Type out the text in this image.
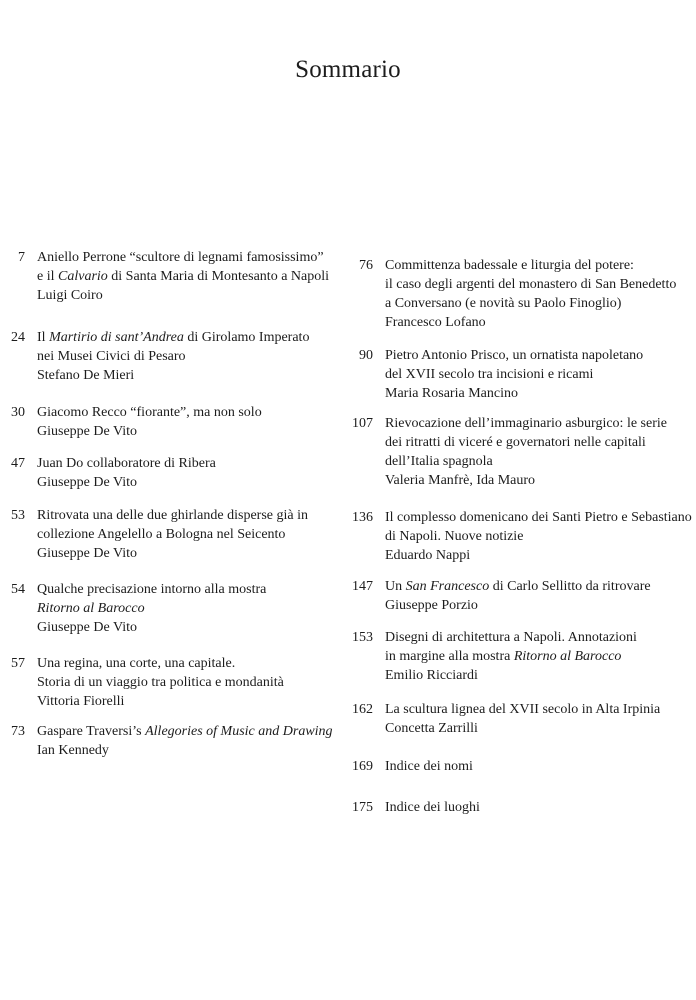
Sommario
7 Aniello Perrone “scultore di legnami famosissimo”
e il Calvario di Santa Maria di Montesanto a Napoli
Luigi Coiro
24 Il Martirio di sant’Andrea di Girolamo Imperato
nei Musei Civici di Pesaro
Stefano De Mieri
30 Giacomo Recco “fiorante”, ma non solo
Giuseppe De Vito
47 Juan Do collaboratore di Ribera
Giuseppe De Vito
53 Ritrovata una delle due ghirlande disperse già in
collezione Angelello a Bologna nel Seicento
Giuseppe De Vito
54 Qualche precisazione intorno alla mostra
Ritorno al Barocco
Giuseppe De Vito
57 Una regina, una corte, una capitale.
Storia di un viaggio tra politica e mondanità
Vittoria Fiorelli
73 Gaspare Traversi’s Allegories of Music and Drawing
Ian Kennedy
76 Committenza badessale e liturgia del potere:
il caso degli argenti del monastero di San Benedetto
a Conversano (e novità su Paolo Finoglio)
Francesco Lofano
90 Pietro Antonio Prisco, un ornatista napoletano
del XVII secolo tra incisioni e ricami
Maria Rosaria Mancino
107 Rievocazione dell’immaginario asburgico: le serie
dei ritratti di viceré e governatori nelle capitali
dell’Italia spagnola
Valeria Manfrè, Ida Mauro
136 Il complesso domenicano dei Santi Pietro e Sebastiano
di Napoli. Nuove notizie
Eduardo Nappi
147 Un San Francesco di Carlo Sellitto da ritrovare
Giuseppe Porzio
153 Disegni di architettura a Napoli. Annotazioni
in margine alla mostra Ritorno al Barocco
Emilio Ricciardi
162 La scultura lignea del XVII secolo in Alta Irpinia
Concetta Zarrilli
169 Indice dei nomi
175 Indice dei luoghi
